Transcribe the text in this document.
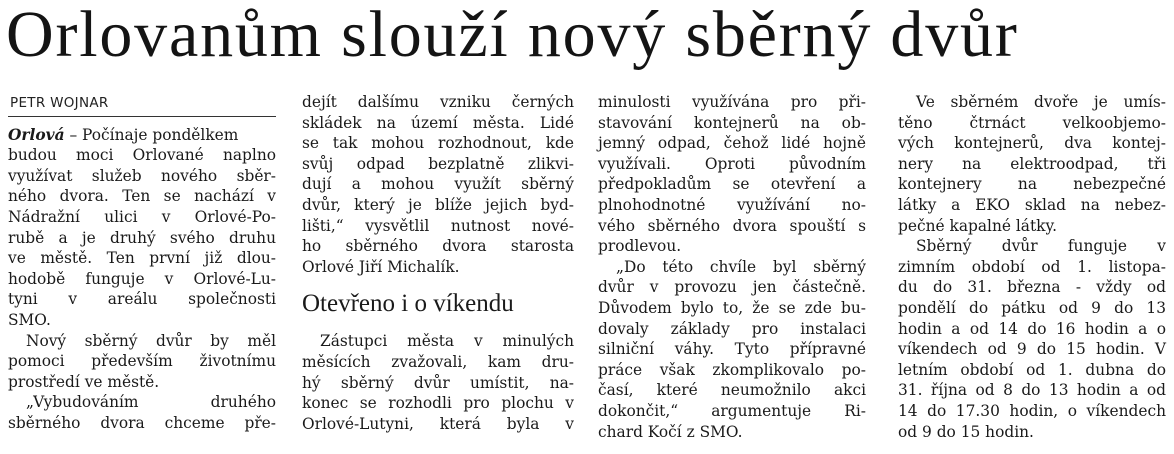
Orlovanům slouží nový sběrný dvůr
PETR WOJNAR

Orlová – Počínaje pondělkem

budou moci Orlované naplno

využívat služeb nového sběr-

ného dvora. Ten se nachází v

Nádražní ulici v Orlové-Po-

rubě a je druhý svého druhu

ve městě. Ten první již dlou-

hodobě funguje v Orlové-Lu-

tyni v areálu společnosti

SMO.

Nový sběrný dvůr by měl

pomoci především životnímu

prostředí ve městě.

„Vybudováním druhého

sběrného dvora chceme pře-

dejít dalšímu vzniku černých

skládek na území města. Lidé

se tak mohou rozhodnout, kde

svůj odpad bezplatně zlikvi-

dují a mohou využít sběrný

dvůr, který je blíže jejich byd-

lišti,“ vysvětlil nutnost nové-

ho sběrného dvora starosta

Orlové Jiří Michalík.

Otevřeno i o víkendu

Zástupci města v minulých

měsících zvažovali, kam dru-

hý sběrný dvůr umístit, na-

konec se rozhodli pro plochu v

Orlové-Lutyni, která byla v

minulosti využívána pro při-

stavování kontejnerů na ob-

jemný odpad, čehož lidé hojně

využívali. Oproti původním

předpokladům se otevření a

plnohodnotné využívání no-

vého sběrného dvora spouští s

prodlevou.

„Do této chvíle byl sběrný

dvůr v provozu jen částečně.

Důvodem bylo to, že se zde bu-

dovaly základy pro instalaci

silniční váhy. Tyto přípravné

práce však zkomplikovalo po-

časí, které neumožnilo akci

dokončit,“ argumentuje Ri-

chard Kočí z SMO.

Ve sběrném dvoře je umís-

těno čtrnáct velkoobjemo-

vých kontejnerů, dva kontej-

nery na elektroodpad, tři

kontejnery na nebezpečné

látky a EKO sklad na nebez-

pečné kapalné látky.

Sběrný dvůr funguje v

zimním období od 1. listopa-

du do 31. března - vždy od

pondělí do pátku od 9 do 13

hodin a od 14 do 16 hodin a o

víkendech od 9 do 15 hodin. V

letním období od 1. dubna do

31. října od 8 do 13 hodin a od

14 do 17.30 hodin, o víkendech

od 9 do 15 hodin.
